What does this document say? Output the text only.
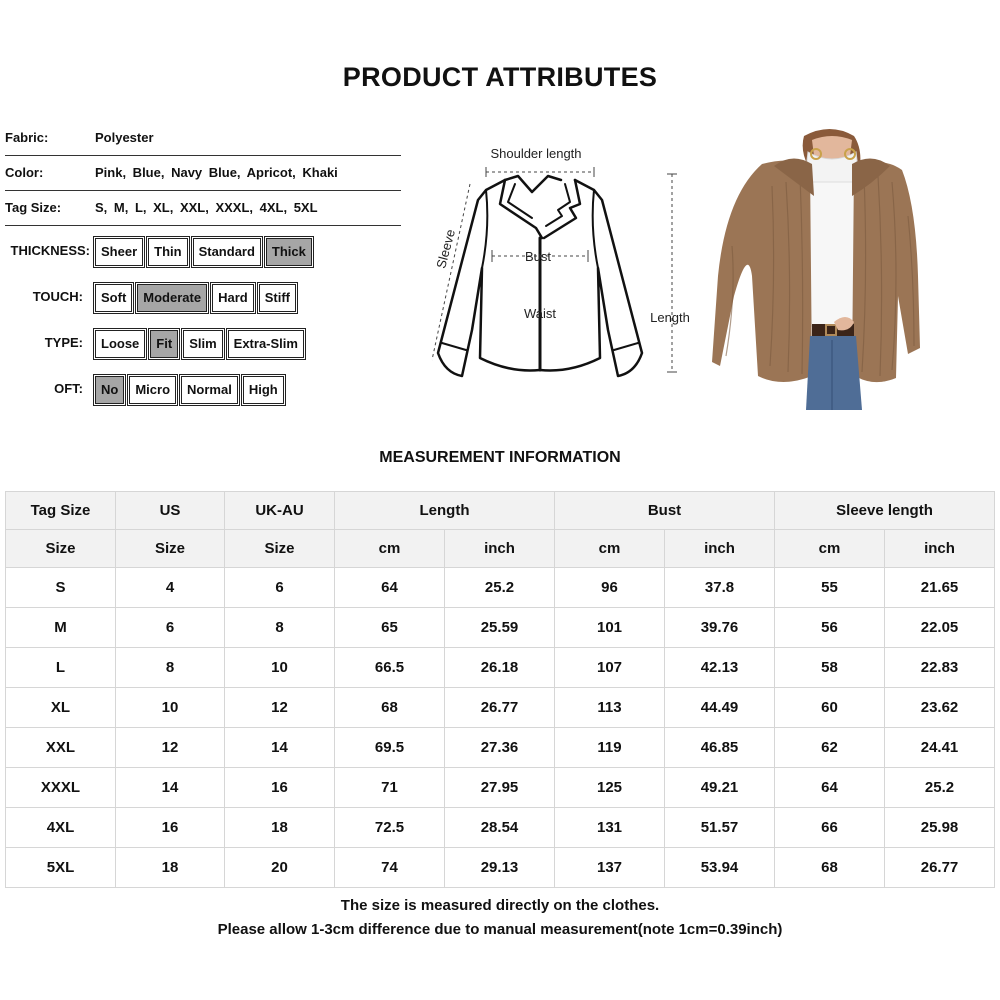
PRODUCT ATTRIBUTES
Fabric:	Polyester
Color:	Pink, Blue, Navy Blue, Apricot, Khaki
Tag Size:	S, M, L, XL, XXL, XXXL, 4XL, 5XL
THICKNESS: Sheer	Thin	Standard	Thick
TOUCH:	Soft	Moderate	Hard	Stiff
TYPE:	Loose	Fit	Slim	Extra-Slim
OFT:	No	Micro	Normal	High
Shoulder length
Sleeve	Bust
Waist	Length
MEASUREMENT INFORMATION
Tag Size	US	UK-AU	Length		Bust		Sleeve length	
Size	Size	Size	cm	inch	cm	inch	cm	inch
S	4	6	64	25.2	96	37.8	55	21.65
M	6	8	65	25.59	101	39.76	56	22.05
L	8	10	66.5	26.18	107	42.13	58	22.83
XL	10	12	68	26.77	113	44.49	60	23.62
XXL	12	14	69.5	27.36	119	46.85	62	24.41
XXXL	14	16	71	27.95	125	49.21	64	25.2
4XL	16	18	72.5	28.54	131	51.57	66	25.98
5XL	18	20	74	29.13	137	53.94	68	26.77
The size is measured directly on the clothes.
Please allow 1-3cm difference due to manual measurement(note 1cm=0.39inch)
